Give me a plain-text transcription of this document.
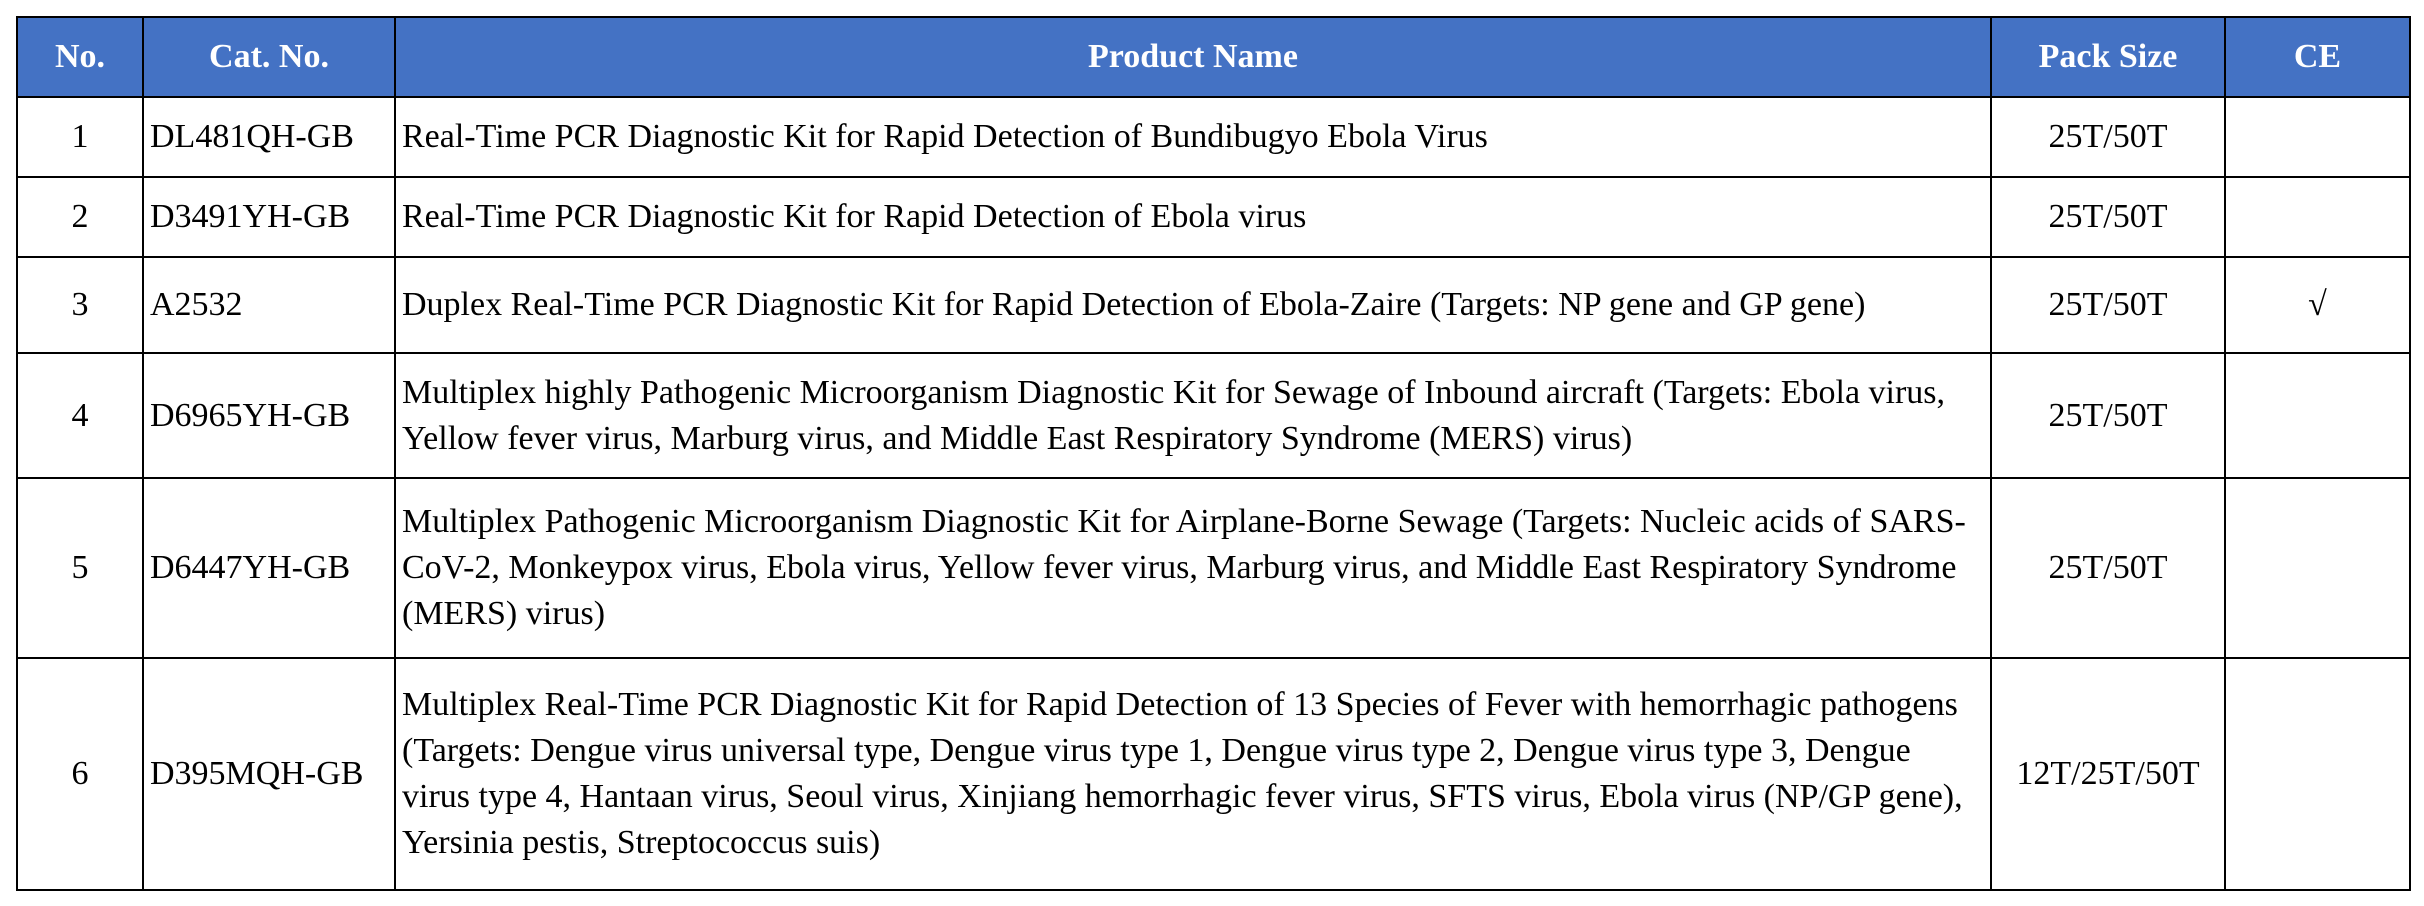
No.	Cat. No.	Product Name	Pack Size	CE
1	DL481QH-GB	Real-Time PCR Diagnostic Kit for Rapid Detection of Bundibugyo Ebola Virus	25T/50T	
2	D3491YH-GB	Real-Time PCR Diagnostic Kit for Rapid Detection of Ebola virus	25T/50T	
3	A2532	Duplex Real-Time PCR Diagnostic Kit for Rapid Detection of Ebola-Zaire (Targets: NP gene and GP gene)	25T/50T	√
4	D6965YH-GB	Multiplex highly Pathogenic Microorganism Diagnostic Kit for Sewage of Inbound aircraft (Targets: Ebola virus, Yellow fever virus, Marburg virus, and Middle East Respiratory Syndrome (MERS) virus)	25T/50T	
5	D6447YH-GB	Multiplex Pathogenic Microorganism Diagnostic Kit for Airplane-Borne Sewage (Targets: Nucleic acids of SARS-CoV-2, Monkeypox virus, Ebola virus, Yellow fever virus, Marburg virus, and Middle East Respiratory Syndrome (MERS) virus)	25T/50T	
6	D395MQH-GB	Multiplex Real-Time PCR Diagnostic Kit for Rapid Detection of 13 Species of Fever with hemorrhagic pathogens (Targets: Dengue virus universal type, Dengue virus type 1, Dengue virus type 2, Dengue virus type 3, Dengue virus type 4, Hantaan virus, Seoul virus, Xinjiang hemorrhagic fever virus, SFTS virus, Ebola virus (NP/GP gene), Yersinia pestis, Streptococcus suis)	12T/25T/50T	
